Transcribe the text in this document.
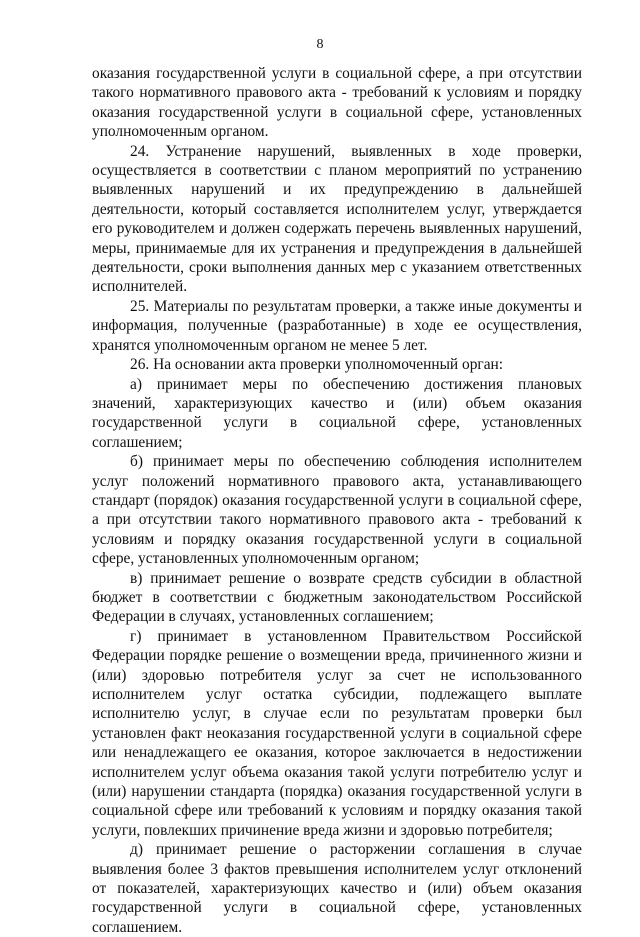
8

оказания государственной услуги в социальной сфере, а при отсутствии такого нормативного правового акта - требований к условиям и порядку оказания государственной услуги в социальной сфере, установленных уполномоченным органом.

24. Устранение нарушений, выявленных в ходе проверки, осуществляется в соответствии с планом мероприятий по устранению выявленных нарушений и их предупреждению в дальнейшей деятельности, который составляется исполнителем услуг, утверждается его руководителем и должен содержать перечень выявленных нарушений, меры, принимаемые для их устранения и предупреждения в дальнейшей деятельности, сроки выполнения данных мер с указанием ответственных исполнителей.

25. Материалы по результатам проверки, а также иные документы и информация, полученные (разработанные) в ходе ее осуществления, хранятся уполномоченным органом не менее 5 лет.

26. На основании акта проверки уполномоченный орган:

а) принимает меры по обеспечению достижения плановых значений, характеризующих качество и (или) объем оказания государственной услуги в социальной сфере, установленных соглашением;

б) принимает меры по обеспечению соблюдения исполнителем услуг положений нормативного правового акта, устанавливающего стандарт (порядок) оказания государственной услуги в социальной сфере, а при отсутствии такого нормативного правового акта - требований к условиям и порядку оказания государственной услуги в социальной сфере, установленных уполномоченным органом;

в) принимает решение о возврате средств субсидии в областной бюджет в соответствии с бюджетным законодательством Российской Федерации в случаях, установленных соглашением;

г) принимает в установленном Правительством Российской Федерации порядке решение о возмещении вреда, причиненного жизни и (или) здоровью потребителя услуг за счет не использованного исполнителем услуг остатка субсидии, подлежащего выплате исполнителю услуг, в случае если по результатам проверки был установлен факт неоказания государственной услуги в социальной сфере или ненадлежащего ее оказания, которое заключается в недостижении исполнителем услуг объема оказания такой услуги потребителю услуг и (или) нарушении стандарта (порядка) оказания государственной услуги в социальной сфере или требований к условиям и порядку оказания такой услуги, повлекших причинение вреда жизни и здоровью потребителя;

д) принимает решение о расторжении соглашения в случае выявления более 3 фактов превышения исполнителем услуг отклонений от показателей, характеризующих качество и (или) объем оказания государственной услуги в социальной сфере, установленных соглашением.
